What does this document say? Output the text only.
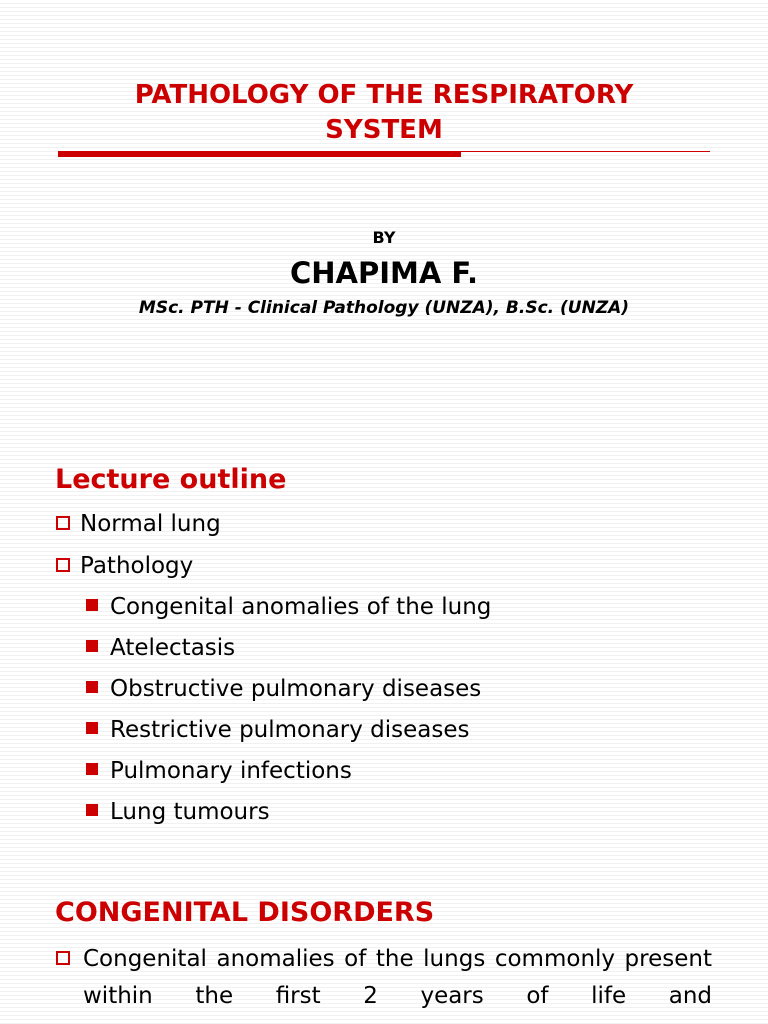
PATHOLOGY OF THE RESPIRATORY
SYSTEM
BY
CHAPIMA F.
MSc. PTH - Clinical Pathology (UNZA), B.Sc. (UNZA)
Lecture outline
Normal lung
Pathology
Congenital anomalies of the lung
Atelectasis
Obstructive pulmonary diseases
Restrictive pulmonary diseases
Pulmonary infections
Lung tumours
CONGENITAL DISORDERS
Congenital anomalies of the lungs commonly present within the first 2 years of life and
